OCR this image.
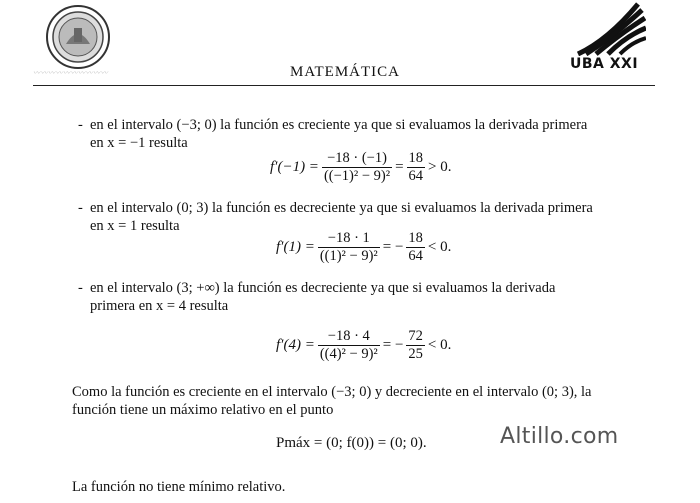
〰〰〰〰〰〰〰〰〰〰	MATEMÁTICA	UBA XXI
- en el intervalo (−3; 0) la función es creciente ya que si evaluamos la derivada primera
en x = −1 resulta
$f'(-1) = \frac{-18 \cdot (-1)}{\text{((−1)² − 9)²}} = \frac{18}{64} > 0$.
- en el intervalo (0; 3) la función es decreciente ya que si evaluamos la derivada primera
en x = 1 resulta
$f'(1) = \frac{-18 \cdot 1}{\text{((1)² − 9)²}}$ = − $\frac{18}{64} < 0$.
- en el intervalo (3; +∞) la función es decreciente ya que si evaluamos la derivada
primera en x = 4 resulta
$f'(4) = \frac{-18 \cdot 4}{\text{((4)² − 9)²}}$ = − $\frac{72}{25} < 0$.
Como la función es creciente en el intervalo (−3; 0) y decreciente en el intervalo (0; 3), la
función tiene un máximo relativo en el punto
Pmáx = (0; f(0)) = (0; 0).	Altillo.com
La función no tiene mínimo relativo.
